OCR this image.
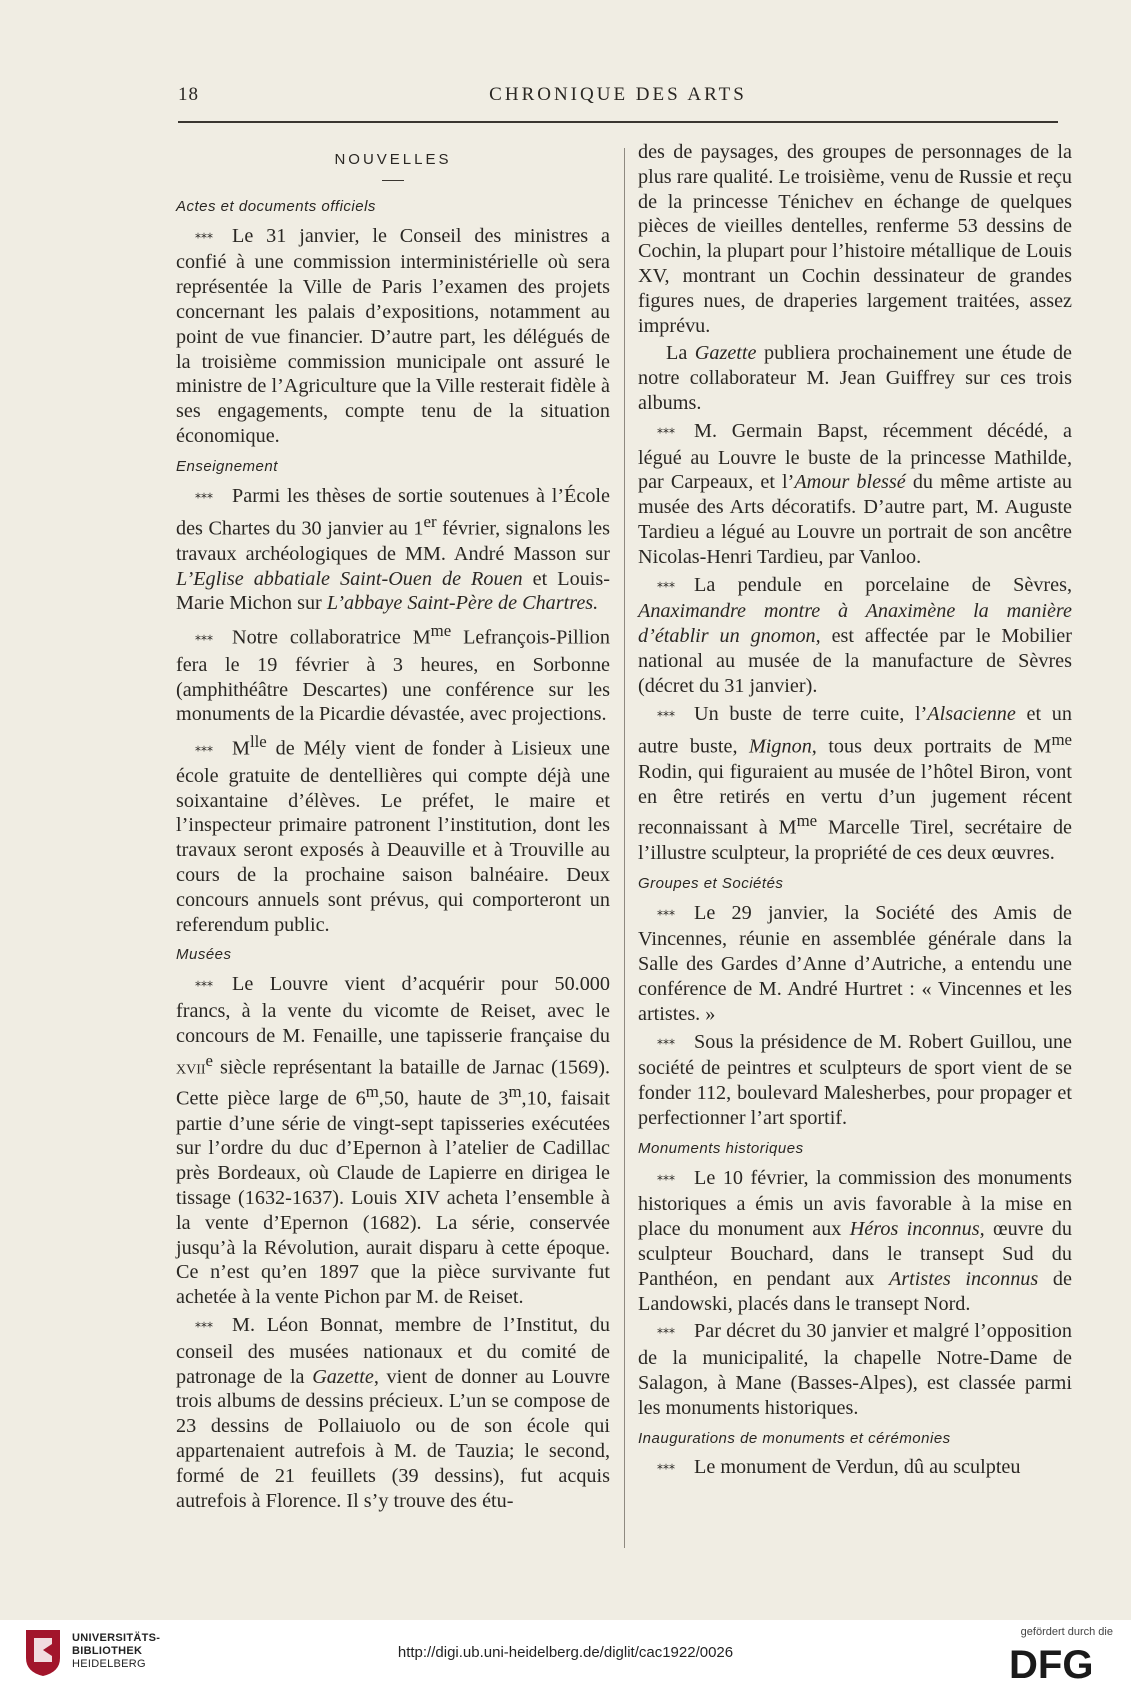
18	CHRONIQUE DES ARTS
NOUVELLES
Actes et documents officiels

⁎⁎⁎ Le 31 janvier, le Conseil des ministres a confié à une commission interministérielle où sera représentée la Ville de Paris l’examen des projets concernant les palais d’expositions, notamment au point de vue financier. D’autre part, les délégués de la troisième commission municipale ont assuré le ministre de l’Agriculture que la Ville resterait fidèle à ses engagements, compte tenu de la situation économique.

Enseignement

⁎⁎⁎ Parmi les thèses de sortie soutenues à l’École des Chartes du 30 janvier au 1er février, signalons les travaux archéologiques de MM. André Masson sur L’Eglise abbatiale Saint-Ouen de Rouen et Louis-Marie Michon sur L’abbaye Saint-Père de Chartres.

⁎⁎⁎ Notre collaboratrice $M^{me}$ Lefrançois-Pillion fera le 19 février à 3 heures, en Sorbonne (amphithéâtre Descartes) une conférence sur les monuments de la Picardie dévastée, avec projections.

⁎⁎⁎ $M^{lle}$ de Mély vient de fonder à Lisieux une école gratuite de dentellières qui compte déjà une soixantaine d’élèves. Le préfet, le maire et l’inspecteur primaire patronent l’institution, dont les travaux seront exposés à Deauville et à Trouville au cours de la prochaine saison balnéaire. Deux concours annuels sont prévus, qui comporteront un referendum public.

Musées

⁎⁎⁎ Le Louvre vient d’acquérir pour 50.000 francs, à la vente du vicomte de Reiset, avec le concours de M. Fenaille, une tapisserie française du xvii$^e$ siècle représentant la bataille de Jarnac (1569). Cette pièce large de 6$^m$,50, haute de 3$^m$,10, faisait partie d’une série de vingt-sept tapisseries exécutées sur l’ordre du duc d’Epernon à l’atelier de Cadillac près Bordeaux, où Claude de Lapierre en dirigea le tissage (1632-1637). Louis XIV acheta l’ensemble à la vente d’Epernon (1682). La série, conservée jusqu’à la Révolution, aurait disparu à cette époque. Ce n’est qu’en 1897 que la pièce survivante fut achetée à la vente Pichon par M. de Reiset.

⁎⁎⁎ M. Léon Bonnat, membre de l’Institut, du conseil des musées nationaux et du comité de patronage de la Gazette, vient de donner au Louvre trois albums de dessins précieux. L’un se compose de 23 dessins de Pollaiuolo ou de son école qui appartenaient autrefois à M. de Tauzia; le second, formé de 21 feuillets (39 dessins), fut acquis autrefois à Florence. Il s’y trouve des étu-

des de paysages, des groupes de personnages de la plus rare qualité. Le troisième, venu de Russie et reçu de la princesse Ténichev en échange de quelques pièces de vieilles dentelles, renferme 53 dessins de Cochin, la plupart pour l’histoire métallique de Louis XV, montrant un Cochin dessinateur de grandes figures nues, de draperies largement traitées, assez imprévu.

La Gazette publiera prochainement une étude de notre collaborateur M. Jean Guiffrey sur ces trois albums.

⁎⁎⁎ M. Germain Bapst, récemment décédé, a légué au Louvre le buste de la princesse Mathilde, par Carpeaux, et l’Amour blessé du même artiste au musée des Arts décoratifs. D’autre part, M. Auguste Tardieu a légué au Louvre un portrait de son ancêtre Nicolas-Henri Tardieu, par Vanloo.

⁎⁎⁎ La pendule en porcelaine de Sèvres, Anaximandre montre à Anaximène la manière d’établir un gnomon, est affectée par le Mobilier national au musée de la manufacture de Sèvres (décret du 31 janvier).

⁎⁎⁎ Un buste de terre cuite, l’Alsacienne et un autre buste, Mignon, tous deux portraits de $M^{me}$ Rodin, qui figuraient au musée de l’hôtel Biron, vont en être retirés en vertu d’un jugement récent reconnaissant à $M^{me}$ Marcelle Tirel, secrétaire de l’illustre sculpteur, la propriété de ces deux œuvres.

Groupes et Sociétés

⁎⁎⁎ Le 29 janvier, la Société des Amis de Vincennes, réunie en assemblée générale dans la Salle des Gardes d’Anne d’Autriche, a entendu une conférence de M. André Hurtret : « Vincennes et les artistes. »

⁎⁎⁎ Sous la présidence de M. Robert Guillou, une société de peintres et sculpteurs de sport vient de se fonder 112, boulevard Malesherbes, pour propager et perfectionner l’art sportif.

Monuments historiques

⁎⁎⁎ Le 10 février, la commission des monuments historiques a émis un avis favorable à la mise en place du monument aux Héros inconnus, œuvre du sculpteur Bouchard, dans le transept Sud du Panthéon, en pendant aux Artistes inconnus de Landowski, placés dans le transept Nord.

⁎⁎⁎ Par décret du 30 janvier et malgré l’opposition de la municipalité, la chapelle Notre-Dame de Salagon, à Mane (Basses-Alpes), est classée parmi les monuments historiques.

Inaugurations de monuments et cérémonies

⁎⁎⁎ Le monument de Verdun, dû au sculpteu

UNIVERSITÄTS-
BIBLIOTHEK
HEIDELBERG
http://digi.ub.uni-heidelberg.de/diglit/cac1922/0026
gefördert durch die
DFG
